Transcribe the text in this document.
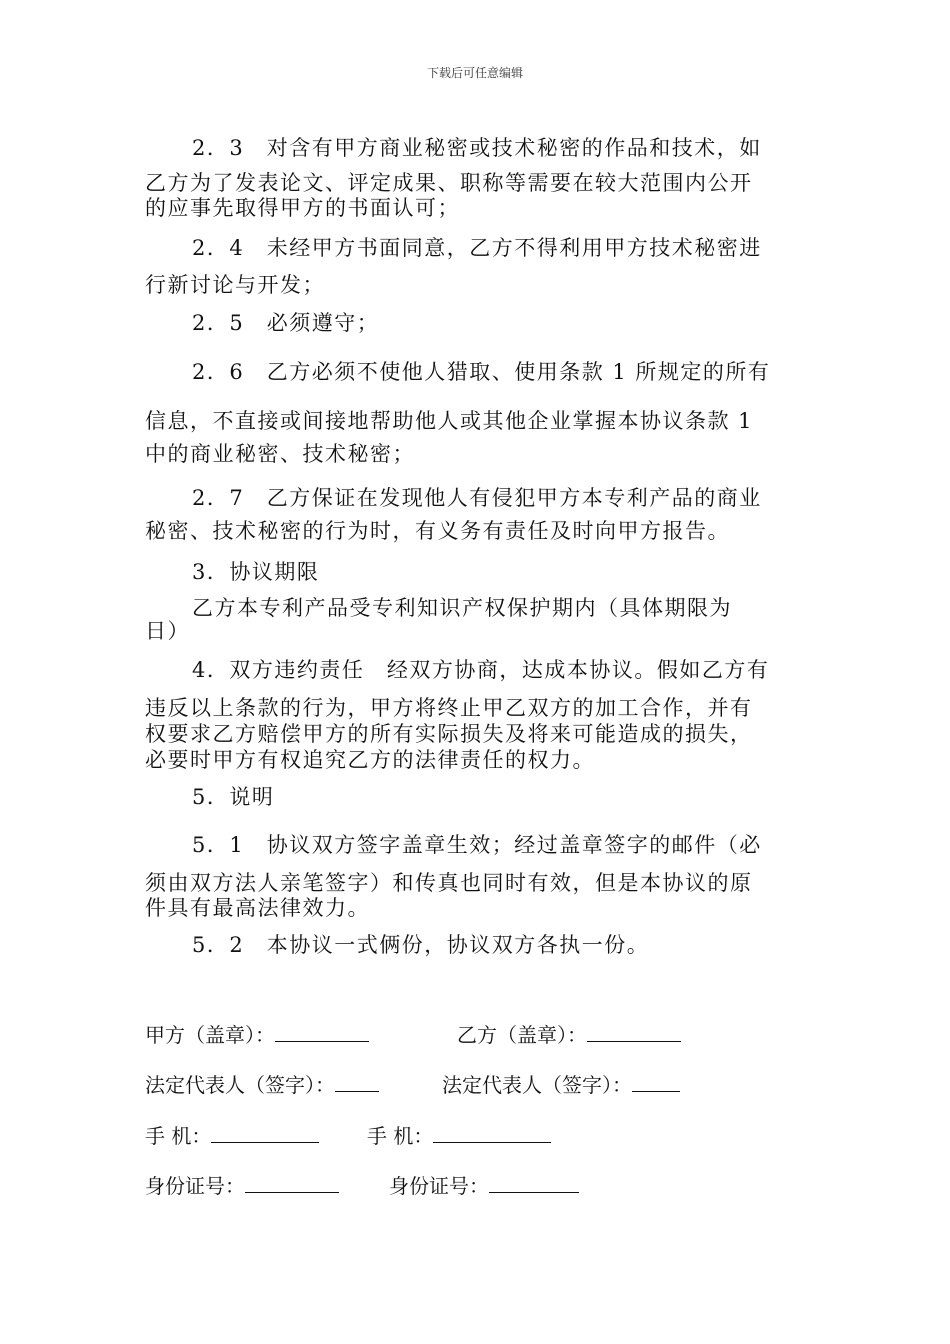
下载后可任意编辑
2．3　对含有甲方商业秘密或技术秘密的作品和技术，如
乙方为了发表论文、评定成果、职称等需要在较大范围内公开
的应事先取得甲方的书面认可；
2．4　未经甲方书面同意，乙方不得利用甲方技术秘密进
行新讨论与开发；
2．5　必须遵守；
2．6　乙方必须不使他人猎取、使用条款 1 所规定的所有
信息，不直接或间接地帮助他人或其他企业掌握本协议条款 1
中的商业秘密、技术秘密；
2．7　乙方保证在发现他人有侵犯甲方本专利产品的商业
秘密、技术秘密的行为时，有义务有责任及时向甲方报告。
3．协议期限
乙方本专利产品受专利知识产权保护期内（具体期限为
日）
4．双方违约责任　经双方协商，达成本协议。假如乙方有
违反以上条款的行为，甲方将终止甲乙双方的加工合作，并有
权要求乙方赔偿甲方的所有实际损失及将来可能造成的损失，
必要时甲方有权追究乙方的法律责任的权力。
5．说明
5．1　协议双方签字盖章生效；经过盖章签字的邮件（必
须由双方法人亲笔签字）和传真也同时有效，但是本协议的原
件具有最高法律效力。
5．2　本协议一式俩份，协议双方各执一份。
甲方（盖章）：	乙方（盖章）：
法定代表人（签字）：	法定代表人（签字）：
手 机：	手 机：
身份证号：	身份证号：
